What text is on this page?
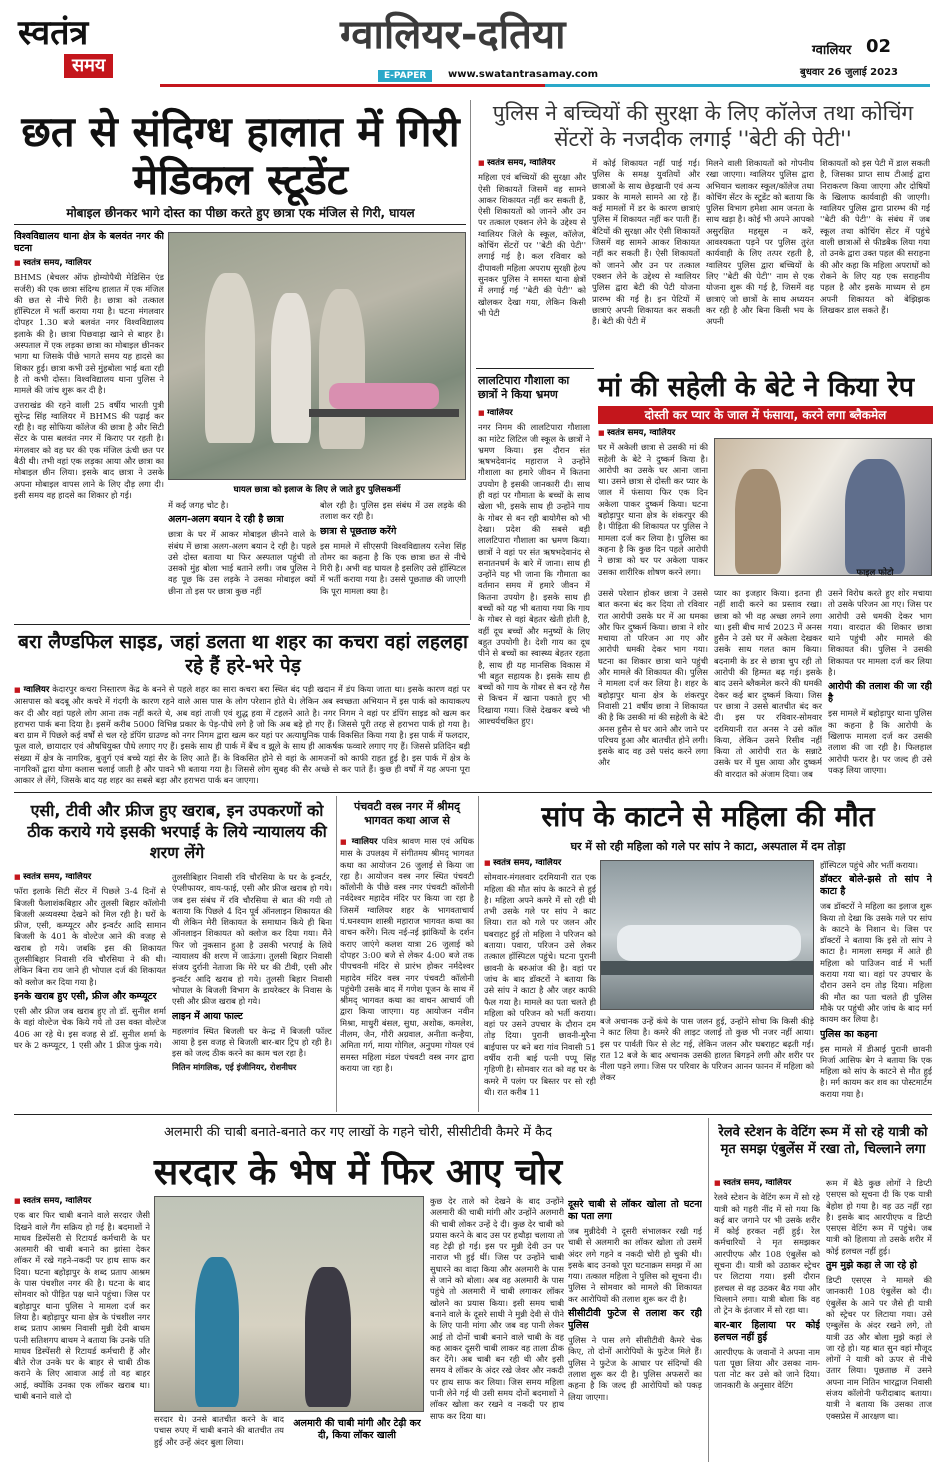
स्वतंत्र
समय
ग्वालियर-दतिया
E-PAPER	www.swatantrasamay.com
ग्वालियर 02
बुधवार 26 जुलाई 2023
छत से संदिग्ध हालात में गिरी मेडिकल स्टूडेंट
मोबाइल छीनकर भागे दोस्त का पीछा करते हुए छात्रा एक मंजिल से गिरी, घायल
विश्वविद्यालय थाना क्षेत्र के बलवंत नगर की घटना
■ स्वतंत्र समय, ग्वालियर

BHMS (बेचलर ऑफ होम्योपैथी मेडिसिन एंड सर्जरी) की एक छात्रा संदिग्ध हालात में एक मंजिल की छत से नीचे गिरी है। छात्रा को तत्काल हॉस्पिटल में भर्ती कराया गया है। घटना मंगलवार दोपहर 1.30 बजे बलवंत नगर विश्वविद्यालय इलाके की है। छात्रा पिछवाड़ा खाने से बाहर है। अस्पताल में एक लड़का छात्रा का मोबाइल छीनकर भागा था जिसके पीछे भागते समय यह हादसे का शिकार हुई। छात्रा कभी उसे मुंहबोला भाई बता रही है तो कभी दोस्त। विश्वविद्यालय थाना पुलिस ने मामले की जांच शुरू कर दी है।

उत्तराखंड की रहने वाली 25 वर्षीय भारती पुत्री सुरेन्द्र सिंह ग्वालियर में BHMS की पढ़ाई कर रही है। वह सोफिया कॉलेज की छात्रा है और सिटी सेंटर के पास बलवंत नगर में किराए पर रहती है। मंगलवार को वह घर की एक मंजिल ऊंची छत पर बैठी थी। तभी वहां एक लड़का आया और छात्रा का मोबाइल छीन लिया। इसके बाद छात्रा ने उसके अपना मोबाइल वापस लाने के लिए दौड़ लगा दी। इसी समय वह हादसे का शिकार हो गई।	घायल छात्रा को इलाज के लिए ले जाते हुए पुलिसकर्मी

में कई जगह चोट है।

अलग-अलग बयान दे रही है छात्रा

छात्रा के घर में आकर मोबाइल छीनने वाले के संबंध में छात्रा अलग-अलग बयान दे रही है। पहले उसे दोस्त बताया था फिर अस्पताल पहुंची तो उसको मुंह बोला भाई बताने लगी। जब पुलिस ने वह पूछ कि उस लड़के ने उसका मोबाइल क्यों छीना तो इस पर छात्रा कुछ नहीं

बोल रही है। पुलिस इस संबंध में उस लड़के की तलाश कर रही है।

छात्रा से पूछताछ करेंगे

इस मामले में सीएसपी विश्वविद्यालय रत्नेश सिंह तोमर का कहना है कि एक छात्रा छत से नीचे गिरी है। अभी वह घायल है इसलिए उसे हॉस्पिटल में भर्ती कराया गया है। उससे पूछताछ की जाएगी कि पूरा मामला क्या है।

पुलिस ने बच्चियों की सुरक्षा के लिए कॉलेज तथा कोचिंग सेंटरों के नजदीक लगाई ''बेटी की पेटी''
■ स्वतंत्र समय, ग्वालियर

महिला एवं बच्चियों की सुरक्षा और ऐसी शिकायतें जिसमें वह सामने आकर शिकायत नहीं कर सकती हैं, ऐसी शिकायतों को जानने और उन पर तत्काल एक्शन लेने के उद्देश्य से ग्वालियर जिले के स्कूल, कॉलेज, कोचिंग सेंटरों पर ''बेटी की पेटी'' लगाई गई है। कल रविवार को दीपावली महिला अपराध सुरक्षी हेल्प सुनकर पुलिस ने समस्त थाना क्षेत्रों में लगाई गई ''बेटी की पेटी'' को खोलकर देखा गया, लेकिन किसी भी पेटी

में कोई शिकायत नहीं पाई गई। पुलिस के समक्ष युवतियों और छात्राओं के साथ छेड़खानी एवं अन्य प्रकार के मामले सामने आ रहे हैं। कई मामलों में डर के कारण छात्राएं पुलिस में शिकायत नहीं कर पाती हैं। बेटियों की सुरक्षा और ऐसी शिकायतें जिसमें वह सामने आकर शिकायत नहीं कर सकती हैं। ऐसी शिकायतों को जानने और उन पर तत्काल एक्शन लेने के उद्देश्य से ग्वालियर पुलिस द्वारा बेटी की पेटी योजना प्रारम्भ की गई है। इन पेटियों में छात्राएं अपनी शिकायत कर सकती हैं। बेटी की पेटी में

मिलने वाली शिकायतों को गोपनीय रखा जाएगा। ग्वालियर पुलिस द्वारा अभियान चलाकर स्कूल/कॉलेज तथा कोचिंग सेंटर के स्टूडेंट को बताया कि पुलिस विभाग हमेशा आम जनता के साथ खड़ा है। कोई भी अपने आपको असुरक्षित महसूस न करें, आवश्यकता पड़ने पर पुलिस तुरंत कार्यवाही के लिए तत्पर रहती है, ग्वालियर पुलिस द्वारा बच्चियों के लिए ''बेटी की पेटी'' नाम से एक योजना शुरू की गई है, जिसमें वह छात्राएं जो छात्रों के साथ अध्ययन कर रही है और बिना किसी भय के अपनी

शिकायतों को इस पेटी में डाल सकती है, जिसका प्राप्त साथ टीआई द्वारा निराकरण किया जाएगा और दोषियों के खिलाफ कार्यवाही की जाएगी। ग्वालियर पुलिस द्वारा प्रारम्भ की गई ''बेटी की पेटी'' के संबंध में जब स्कूल तथा कोचिंग सेंटर में पहुंचे वाली छात्राओं से फीडबैक लिया गया तो उनके द्वारा उक्त पहल की सराहना की और कहा कि महिला अपराधों को रोकने के लिए यह एक सराहनीय पहल है और इसके माध्यम से हम अपनी शिकायत को बेझिझक लिखकर डाल सकते हैं।

लालटिपारा गौशाला का छात्रों ने किया भ्रमण
■ ग्वालियर

नगर निगम की लालटिपारा गौशाला का मांटेट लिटिल जी स्कूल के छात्रों ने भ्रमण किया। इस दौरान संत ऋषभदेवानंद महाराज ने उन्होंने गौशाला का हमारे जीवन में कितना उपयोग है इसकी जानकारी दी। साथ ही वहां पर गौमाता के बच्चों के साथ खेला भी, इसके साथ ही उन्होंने गाय के गोबर से बन रही बायोगैस को भी देखा। प्रदेश की सबसे बड़ी लालटिपारा गौशाला का भ्रमण किया। छात्रों ने वहां पर संत ऋषभदेवानंद से सनातनधर्म के बारे में जाना। साथ ही उन्होंने यह भी जाना कि गौमाता का वर्तमान समय में हमारे जीवन में कितना उपयोग है। इसके साथ ही बच्चों को यह भी बताया गया कि गाय के गोबर से वहां बेहतर खेती होती है, वहीं दूध बच्चों और मनुष्यों के लिए बहुत उपयोगी है। देशी गाय का दूध पीने से बच्चों का स्वास्थ्य बेहतर रहता है, साथ ही यह मानसिक विकास में भी बहुत सहायक है। इसके साथ ही बच्चों को गाय के गोबर से बन रहे गैस से किचन में खाना पकाते हुए भी दिखाया गया। जिसे देखकर बच्चे भी आश्चर्यचकित हुए।

मां की सहेली के बेटे ने किया रेप
दोस्ती कर प्यार के जाल में फंसाया, करने लगा ब्लैकमेल
■ स्वतंत्र समय, ग्वालियर

घर में अकेली छात्रा से उसकी मां की सहेली के बेटे ने दुष्कर्म किया है। आरोपी का उसके घर आना जाना था। उसने छात्रा से दोस्ती कर प्यार के जाल में फंसाया फिर एक दिन अकेला पाकर दुष्कर्म किया। घटना बहोड़ापुर थाना क्षेत्र के शंकरपुर की है। पीड़िता की शिकायत पर पुलिस ने मामला दर्ज कर लिया है। पुलिस का कहना है कि कुछ दिन पहले आरोपी ने छात्रा को घर पर अकेला पाकर उसका शारीरिक शोषण करने लगा।	फाइल फोटो

उससे परेशान होकर छात्रा ने उससे बात करना बंद कर दिया तो रविवार रात आरोपी उसके घर में आ धमका और फिर दुष्कर्म किया। छात्रा ने शोर मचाया तो परिजन आ गए और आरोपी धमकी देकर भाग गया। घटना का शिकार छात्रा थाने पहुंची और मामले की शिकायत की। पुलिस ने मामला दर्ज कर लिया है। शहर के बहोड़ापुर थाना क्षेत्र के शंकरपुर निवासी 21 वर्षीय छात्रा ने शिकायत की है कि उसकी मां की सहेली के बेटे अनस हुसैन से घर आने और जाने पर परिचय हुआ और बातचीत होने लगी। इसके बाद वह उसे पसंद करने लगा और

प्यार का इजहार किया। इतना ही नहीं शादी करने का प्रस्ताव रखा। छात्रा को भी वह अच्छा लगने लगा था। इसी बीच मार्च 2023 में अनस हुसैन ने उसे घर में अकेला देखकर उसके साथ गलत काम किया। बदनामी के डर से छात्रा चुप रही तो आरोपी की हिम्मत बढ़ गई। इसके बाद उसने ब्लैकमेल करने की धमकी देकर कई बार दुष्कर्म किया। जिस पर छात्रा ने उससे बातचीत बंद कर दी। इस पर रविवार-सोमवार दरमियानी रात अनस ने उसे कॉल किया, लेकिन उसने रिसीव नहीं किया तो आरोपी रात के सन्नाटे उसके घर में घुस आया और दुष्कर्म की वारदात को अंजाम दिया। जब

उसने विरोध करते हुए शोर मचाया तो उसके परिजन आ गए। जिस पर आरोपी उसे धमकी देकर भाग गया। वारदात की शिकार छात्रा थाने पहुंची और मामले की शिकायत की। पुलिस ने उसकी शिकायत पर मामला दर्ज कर लिया है।

आरोपी की तलाश की जा रही है

इस मामले में बहोड़ापुर थाना पुलिस का कहना है कि आरोपी के खिलाफ मामला दर्ज कर उसकी तलाश की जा रही है। फिलहाल आरोपी फरार है। पर जल्द ही उसे पकड़ लिया जाएगा।

बरा लैण्डफिल साइड, जहां डलता था शहर का कचरा वहां लहलहा रहे हैं हरे-भरे पेड़
■ ग्वालियर केदारपुर कचरा निस्तारण केंद्र के बनने से पहले शहर का सारा कचरा बरा स्थित बंद पड़ी खदान में डंप किया जाता था। इसके कारण वहां पर आसपास को बदबू और कचरे में गंदगी के कारण रहने वाले आस पास के लोग परेशान होते थे। लेकिन अब स्वच्छता अभियान में इस पार्क को कायाकल्प कर दी और वहां पहले लोग आना तक नहीं करते थे, अब वहां ताजी एवं शुद्ध हवा में टहलने आते है। नगर निगम ने वहां पर डंपिंग साइड को खत्म कर हराभरा पार्क बना दिया है। इसमें करीब 5000 विभिन्न प्रकार के पेड़-पौधे लगे है जो कि अब बड़े हो गए हैं। जिससे पूरी तरह से हराभरा पार्क हो गया है। बरा ग्राम में पिछले कई वर्षों से चल रहे डंपिंग ग्राउण्ड को नगर निगम द्वारा खत्म कर यहां पर अत्याधुनिक पार्क विकसित किया गया है। इस पार्क में फलदार, फूल वाले, छायादार एवं औषधियुक्त पौधे लगाए गए हैं। इसके साथ ही पार्क में बैंच व झूले के साथ ही आकर्षक फव्वारे लगाए गए हैं। जिससे प्रतिदिन बड़ी संख्या में क्षेत्र के नागरिक, बुजुर्ग एवं बच्चे यहां सैर के लिए आते हैं। के विकसित होने से वहां के आमजनों को काफी राहत हुई है। इस पार्क में क्षेत्र के नागरिकों द्वारा योगा कलास चलाई जाती है और पावने भी बताया गया है। जिससे लोग सुबह की सैर अच्छे से कर पाते हैं। कुछ ही वर्षों में यह अपना पूरा आकार ले लेंगे, जिसके बाद यह शहर का सबसे बड़ा और हराभरा पार्क बन जाएगा।
एसी, टीवी और फ्रीज हुए खराब, इन उपकरणों को ठीक कराये गये इसकी भरपाई के लिये न्यायालय की शरण लेंगे
■ स्वतंत्र समय, ग्वालियर

फॉरा इलाके सिटी सेंटर में पिछले 3-4 दिनों से बिजली फैलाशंकबिहार और तुलसी बिहार कॉलोनी बिजली अव्यवस्था देखने को मिल रही है। घरों के फ्रीज, एसी, कम्प्यूटर और इन्वर्टर आदि सामान बिजली के 401 के वोल्टेज आने की वजह से खराब हो गये। जबकि इस की शिकायत तुलसीबिहार निवासी रवि चौरसिया ने की थी। लेकिन बिना राय जाने ही भोपाल दर्ज की शिकायत को क्लोज कर दिया गया है।

इनके खराब हुए एसी, फ्रीज और कम्प्यूटर

एसी और फ्रीज जब खराब हुए तो डॉ. सुनील शर्मा के वहां वोल्टेज चेक किये गये तो उस वक्त वोल्टेज 406 आ रहे थे। इस वजह से डॉ. सुनील शर्मा के घर के 2 कम्प्यूटर, 1 एसी और 1 फ्रीज फुंक गये।

तुलसीबिहार निवासी रवि चौरसिया के घर के इन्वर्टर, एंप्लीफायर, वाय-फाई, एसी और फ्रीज खराब हो गये। जब इस संबंध में रवि चौरसिया से बात की गयी तो बताया कि पिछले 4 दिन पूर्व ऑनलाइन शिकायत की थी लेकिन मेरी शिकायत के समाधान किये ही बिना ऑनलाइन शिकायत को क्लोज कर दिया गया। मैंने फिर जो नुकसान हुआ है उसकी भरपाई के लिये न्यायालय की शरण में जाऊंगा। तुलसी बिहार निवासी संजय दुर्रानी नेताजा कि मेरे घर की टीवी, एसी और इन्वर्टर आदि खराब हो गये। तुलसी बिहार निवासी भोपाल के बिजली विभाग के डायरेक्टर के निवास के एसी और फ्रीज खराब हो गये।

लाइन में आया फाल्ट

महलगांव स्थित बिजली घर केन्द्र में बिजली फॉल्ट आया है इस वजह से बिजली बार-बार ट्रिप हो रही है। इस को जल्द ठीक करने का काम चल रहा है।

नितिन मांगलिक, एई इंजीनियर, रोशनीघर

पंचवटी वस्त्र नगर में श्रीमद् भागवत कथा आज से
■ ग्वालियर पवित्र श्रावण मास एवं अधिक मास के उपलक्ष्य में संगीतमय श्रीमद् भागवत कथा का आयोजन 26 जुलाई से किया जा रहा है। आयोजन वस्त्र नगर स्थित पंचवटी कॉलोनी के पीछे वस्त्र नगर पंचवटी कॉलोनी नर्वदेश्वर महादेव मंदिर पर किया जा रहा है जिसमें ग्वालियर शहर के भागवताचार्य पं.घनश्याम शास्त्री महाराज भागवत कथा का वाचन करेंगे। नित्य नई-नई झांकियों के दर्शन कराए जाएंगे कलश यात्रा 26 जुलाई को दोपहर 3:00 बजे से लेकर 4:00 बजे तक पीपचवनी मंदिर से प्रारंभ होकर नर्मदेश्वर महादेव मंदिर वस्त्र नगर पंचवटी कॉलोनी पहुंचेगी उसके बाद में गणेश पूजन के साथ में श्रीमद् भागवत कथा का वाचन आचार्य जी द्वारा किया जाएगा। यह आयोजन नवीन मिश्रा, माधुरी बंसल, सुधा, अशोक, कमलेश, नीलम, जैन, गौरी अग्रवाल, अनीता कन्हैया, अमिता गर्ग, माया गोगिल, अनुपमा गोयल एवं समस्त महिला मंडल पंचवटी वस्त्र नगर द्वारा कराया जा रहा है।
सांप के काटने से महिला की मौत
घर में सो रही महिला को गले पर सांप ने काटा, अस्पताल में दम तोड़ा
■ स्वतंत्र समय, ग्वालियर

सोमवार-मंगलवार दरमियानी रात एक महिला की मौत सांप के काटने से हुई है। महिला अपने कमरे में सो रही थी तभी उसके गले पर सांप ने काट लिया। रात को गले पर जलन और घबराहट हुई तो महिला ने परिजन को बताया। पवारा, परिजन उसे लेकर तत्काल हॉस्पिटल पहुंचे। घटना पुरानी छावनी के बरुआंज की है। वहां पर जांच के बाद डॉक्टरों ने बताया कि उसे सांप ने काटा है और जहर काफी फैल गया है। मामले का पता चलते ही महिला को परिजन को भर्ती कराया। वहां पर उसने उपचार के दौरान दम तोड़ दिया। पुरानी छावनी-मुरैना बाईपास पर बने बरा गांव निवासी 51 वर्षीय रानी बाई पत्नी पप्पू सिंह गृहिणी है। सोमवार रात को वह घर के कमरे में पलंग पर बिस्तर पर सो रही थी। रात करीब 11

बजे अचानक उन्हें कंधे के पास जलन हुई, उन्होंने सोचा कि किसी कीड़े ने काट लिया है। कमरे की लाइट जलाई तो कुछ भी नजर नहीं आया। इस पर पार्वती फिर से लेट गई, लेकिन जलन और घबराहट बढ़ती गई। रात 12 बजे के बाद अचानक उसकी हालत बिगड़ने लगी और शरीर पर नीला पड़ने लगा। जिस पर परिवार के परिजन आनन फानन में महिला को लेकर

हॉस्पिटल पहुंचे और भर्ती कराया।

डॉक्टर बोले-झसे तो सांप ने काटा है

जब डॉक्टरों ने महिला का इलाज शुरू किया तो देखा कि उसके गले पर सांप के काटने के निशान थे। जिस पर डॉक्टरों ने बताया कि इसे तो सांप ने काटा है। मामला समझ में आते ही महिला को पाउिजन वार्ड में भर्ती कराया गया था। वहां पर उपचार के दौरान उसने दम तोड़ दिया। महिला की मौत का पता चलते ही पुलिस मौके पर पहुंची और जांच के बाद मर्ग कायम कर लिया है।

पुलिस का कहना

इस मामले में डीआई पुरानी छावनी मिर्जा आसिफ बेग ने बताया कि एक महिला को सांप के काटने से मौत हुई है। मर्ग कायम कर शव का पोस्टमार्टम कराया गया है।

अलमारी की चाबी बनाते-बनाते कर गए लाखों के गहने चोरी, सीसीटीवी कैमरे में कैद
सरदार के भेष में फिर आए चोर
■ स्वतंत्र समय, ग्वालियर

एक बार फिर चाबी बनाने वाले सरदार जैसी दिखने वाले गैंग सक्रिय हो गई है। बदमाशों ने माधव डिस्पेंसरी से रिटायर्ड कर्मचारी के घर अलमारी की चाबी बनाने का झांसा देकर लॉकर में रखे गहने-नकदी पर हाथ साफ कर दिया। घटना बहोड़ापुर के शब्द प्रताप आश्रम के पास पंचशील नगर की है। घटना के बाद सोमवार को पीड़ित पक्ष थाने पहुंचा। जिस पर बहोड़ापुर थाना पुलिस ने मामला दर्ज कर लिया है। बहोड़ापुर थाना क्षेत्र के पंचशील नगर शब्द प्रताप आश्रम निवासी मुन्नी देवी बाथम पत्नी सतिशगप बाथम ने बताया कि उनके पति माधव डिस्पेंसरी से रिटायर्ड कर्मचारी हैं और बीते रोज उनके घर के बाहर से चाबी ठीक कराने के लिए आवाज आई तो वह बाहर आई, क्योंकि उनका एक लॉकर खराब था। चाबी बनाने वाले दो

सरदार थे। उनसे बातचीत करने के बाद पचास रुपए में चाबी बनाने की बातचीत तय हुई और उन्हें अंदर बुला लिया।

अलमारी की चाबी मांगी और टेढ़ी कर दी, किया लॉकर खाली

कुछ देर ताले को देखने के बाद उन्होंने अलमारी की चाबी मांगी और उन्होंने अलमारी की चाबी लोकर उन्हें दे दी। कुछ देर चाबी को प्रयास करने के बाद उस पर हथौड़ा चलाया तो वह टेढ़ी हो गई। इस पर मुन्नी देवी उन पर नाराज भी हुई थीं। जिस पर उन्होंने चाबी सुधारने का वादा किया और अलमारी के पास से जाने को बोला। अब वह अलमारी के पास पहुंचे तो अलमारी में चाबी लगाकर लॉकर खोलने का प्रयास किया। इसी समय चाबी बनाने वाले के दूसरे साथी ने मुन्नी देवी से पीने के लिए पानी मांगा और जब वह पानी लेकर आई तो दोनों चाबी बनाने वाले चाबी के वह कह आकर दूसरी चाबी लाकर वह ताला ठीक कर देंगे। अब चाबी बन रही थी और इसी समय वे लॉकर के अंदर रखे जेवर और नकदी पर हाथ साफ कर लिया। जिस समय महिला पानी लेने गई थी उसी समय दोनों बदमाशों ने लॉकर खोला कर रखने व नकदी पर हाथ साफ कर दिया था।

दूसरे चाबी से लॉकर खोला तो घटना का पता लगा

जब मुन्नीदेवी ने दूसरी संभालकर रखी गई चाबी से अलमारी का लॉकर खोला तो उसमें अंदर लगे गहने व नकदी चोरी हो चुकी थी। इसके बाद उनको पूरा घटनाक्रम समझ में आ गया। तत्काल महिला ने पुलिस को सूचना दी। पुलिस ने सोमवार को मामले की शिकायत कर आरोपियों की तलाश शुरू कर दी है।

सीसीटीवी फुटेज से तलाश कर रही पुलिस

पुलिस ने पास लगे सीसीटीवी कैमरे चेक किए, तो दोनों आरोपियों के फुटेज मिले हैं। पुलिस ने फुटेज के आधार पर संदिग्धों की तलाश शुरू कर दी है। पुलिस अफसरों का कहना है कि जल्द ही आरोपियों को पकड़ लिया जाएगा।

रेलवे स्टेशन के वेटिंग रूम में सो रहे यात्री को मृत समझ एंबुलेंस में रखा तो, चिल्लाने लगा
■ स्वतंत्र समय, ग्वालियर

रेलवे स्टेशन के वेटिंग रूम में सो रहे यात्री को गहरी नींद में सो गया कि कई बार जगाने पर भी उसके शरीर में कोई हरकत नहीं हुई। रेल कर्मचारियों ने मृत समझकर आरपीएफ और 108 एंबुलेंस को सूचना दी। यात्री को उठाकर स्ट्रेचर पर लिटाया गया। इसी दौरान हलचल से वह उठकर बैठ गया और चिल्लाने लगा। यात्री बोला कि वह तो ट्रेन के इंतजार में सो रहा था।

बार-बार हिलाया पर कोई हलचल नहीं हुई

आरपीएफ के जवानों ने अपना नाम पता पूछा लिया और उसका नाम-पता नोट कर उसे को जाने दिया। जानकारी के अनुसार वेटिंग

रूम में बैठे कुछ लोगों ने डिप्टी एसएस को सूचना दी कि एक यात्री बेहोश हो गया है। वह उठ नहीं रहा है। इसके बाद आरपीएफ व डिप्टी एसएस वेटिंग रूम में पहुंचे। जब यात्री को हिलाया तो उसके शरीर में कोई हलचल नहीं हुई।

तुम मुझे कहा ले जा रहे हो

डिप्टी एसएस ने मामले की जानकारी 108 एंबुलेंस को दी। एंबुलेंस के आने पर जैसे ही यात्री को स्ट्रेचर पर लिटाया गया। उसे एम्बुलेंस के अंदर रखने लगे, तो यात्री उठ और बोला मुझे कहां ले जा रहे हो। यह बात सुन वहां मौजूद लोगों ने यात्री को ऊपर से नीचे उतार लिया। पूछताछ में उसने अपना नाम नितिन भारद्वाज निवासी संजय कॉलोनी फरीदाबाद बताया। यात्री ने बताया कि उसका ताज एक्सप्रेस में आरक्षण था।
